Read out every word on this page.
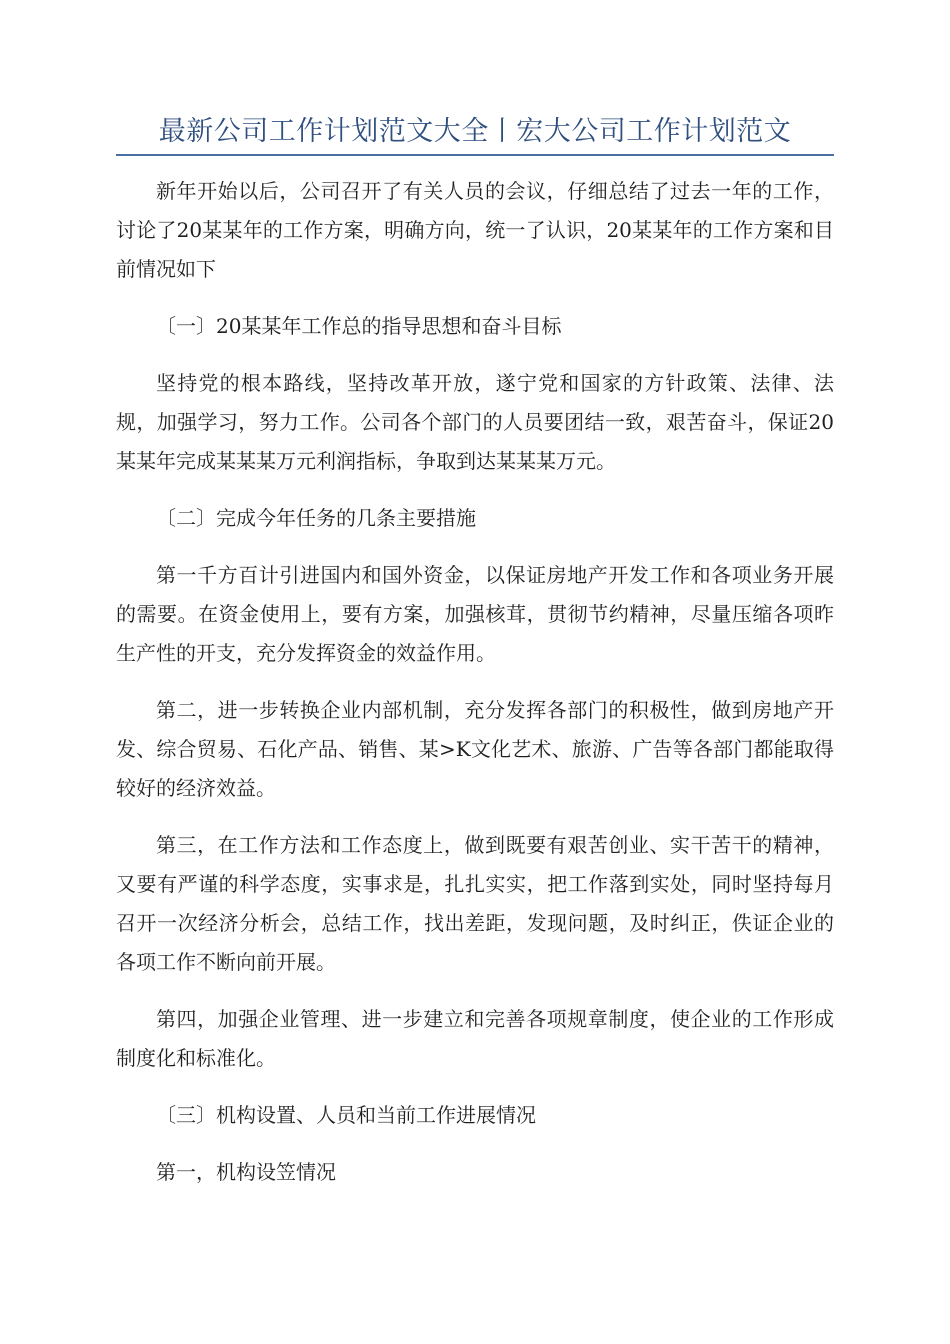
最新公司工作计划范文大全丨宏大公司工作计划范文

新年开始以后，公司召开了有关人员的会议，仔细总结了过去一年的工作，讨论了20某某年的工作方案，明确方向，统一了认识，20某某年的工作方案和目前情况如下

〔一〕20某某年工作总的指导思想和奋斗目标

坚持党的根本路线，坚持改革开放，遂宁党和国家的方针政策、法律、法规，加强学习，努力工作。公司各个部门的人员要团结一致，艰苦奋斗，保证20某某年完成某某某万元利润指标，争取到达某某某万元。

〔二〕完成今年任务的几条主要措施

第一千方百计引进国内和国外资金，以保证房地产开发工作和各项业务开展的需要。在资金使用上，要有方案，加强核茸，贯彻节约精神，尽量压缩各项昨生产性的开支，充分发挥资金的效益作用。

第二，进一步转换企业内部机制，充分发挥各部门的积极性，做到房地产开发、综合贸易、石化产品、销售、某>K文化艺术、旅游、广告等各部门都能取得较好的经济效益。

第三，在工作方法和工作态度上，做到既要有艰苦创业、实干苦干的精神，又要有严谨的科学态度，实事求是，扎扎实实，把工作落到实处，同时坚持每月召开一次经济分析会，总结工作，找出差距，发现问题，及时纠正，佚证企业的各项工作不断向前开展。

第四，加强企业管理、进一步建立和完善各项规章制度，使企业的工作形成制度化和标准化。

〔三〕机构设置、人员和当前工作进展情况

第一，机构设笠情况
